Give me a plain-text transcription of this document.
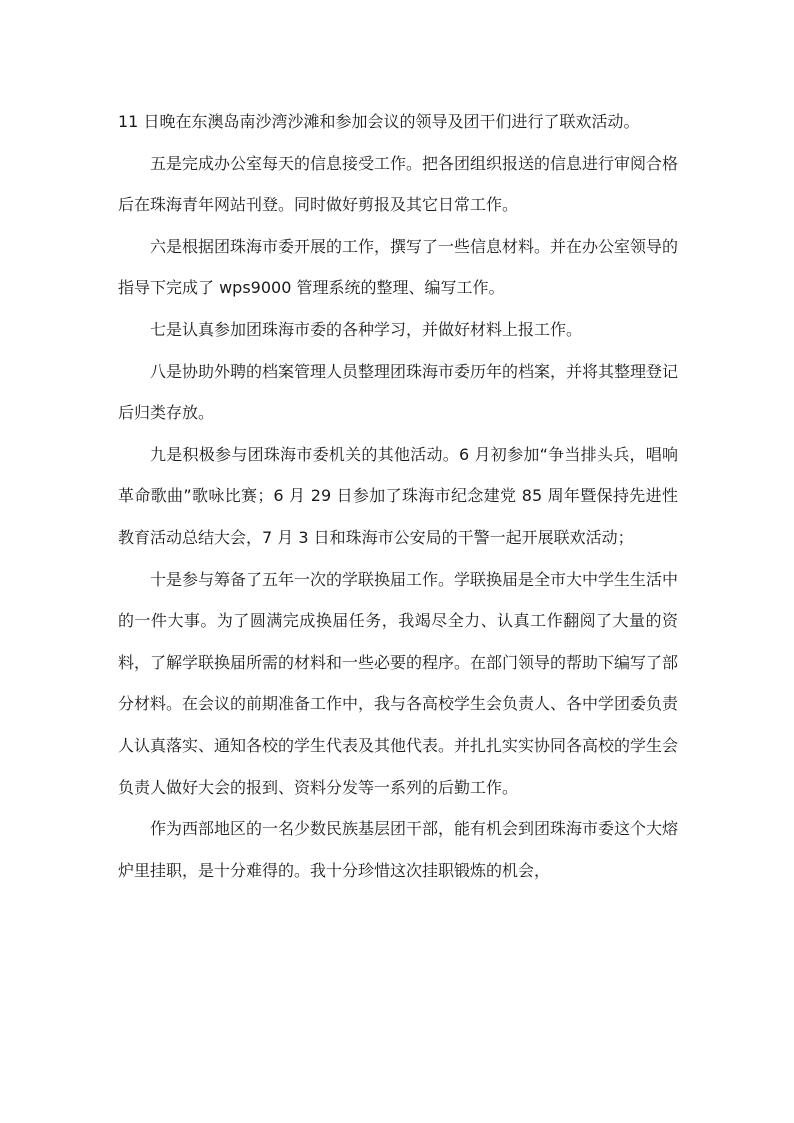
11 日晚在东澳岛南沙湾沙滩和参加会议的领导及团干们进行了联欢活动。

五是完成办公室每天的信息接受工作。把各团组织报送的信息进行审阅合格后在珠海青年网站刊登。同时做好剪报及其它日常工作。

六是根据团珠海市委开展的工作，撰写了一些信息材料。并在办公室领导的指导下完成了 wps9000 管理系统的整理、编写工作。

七是认真参加团珠海市委的各种学习，并做好材料上报工作。

八是协助外聘的档案管理人员整理团珠海市委历年的档案，并将其整理登记后归类存放。

九是积极参与团珠海市委机关的其他活动。6 月初参加“争当排头兵，唱响革命歌曲”歌咏比赛；6 月 29 日参加了珠海市纪念建党 85 周年暨保持先进性教育活动总结大会，7 月 3 日和珠海市公安局的干警一起开展联欢活动；

十是参与筹备了五年一次的学联换届工作。学联换届是全市大中学生生活中的一件大事。为了圆满完成换届任务，我竭尽全力、认真工作翻阅了大量的资料，了解学联换届所需的材料和一些必要的程序。在部门领导的帮助下编写了部分材料。在会议的前期准备工作中，我与各高校学生会负责人、各中学团委负责人认真落实、通知各校的学生代表及其他代表。并扎扎实实协同各高校的学生会负责人做好大会的报到、资料分发等一系列的后勤工作。

作为西部地区的一名少数民族基层团干部，能有机会到团珠海市委这个大熔炉里挂职，是十分难得的。我十分珍惜这次挂职锻炼的机会，
